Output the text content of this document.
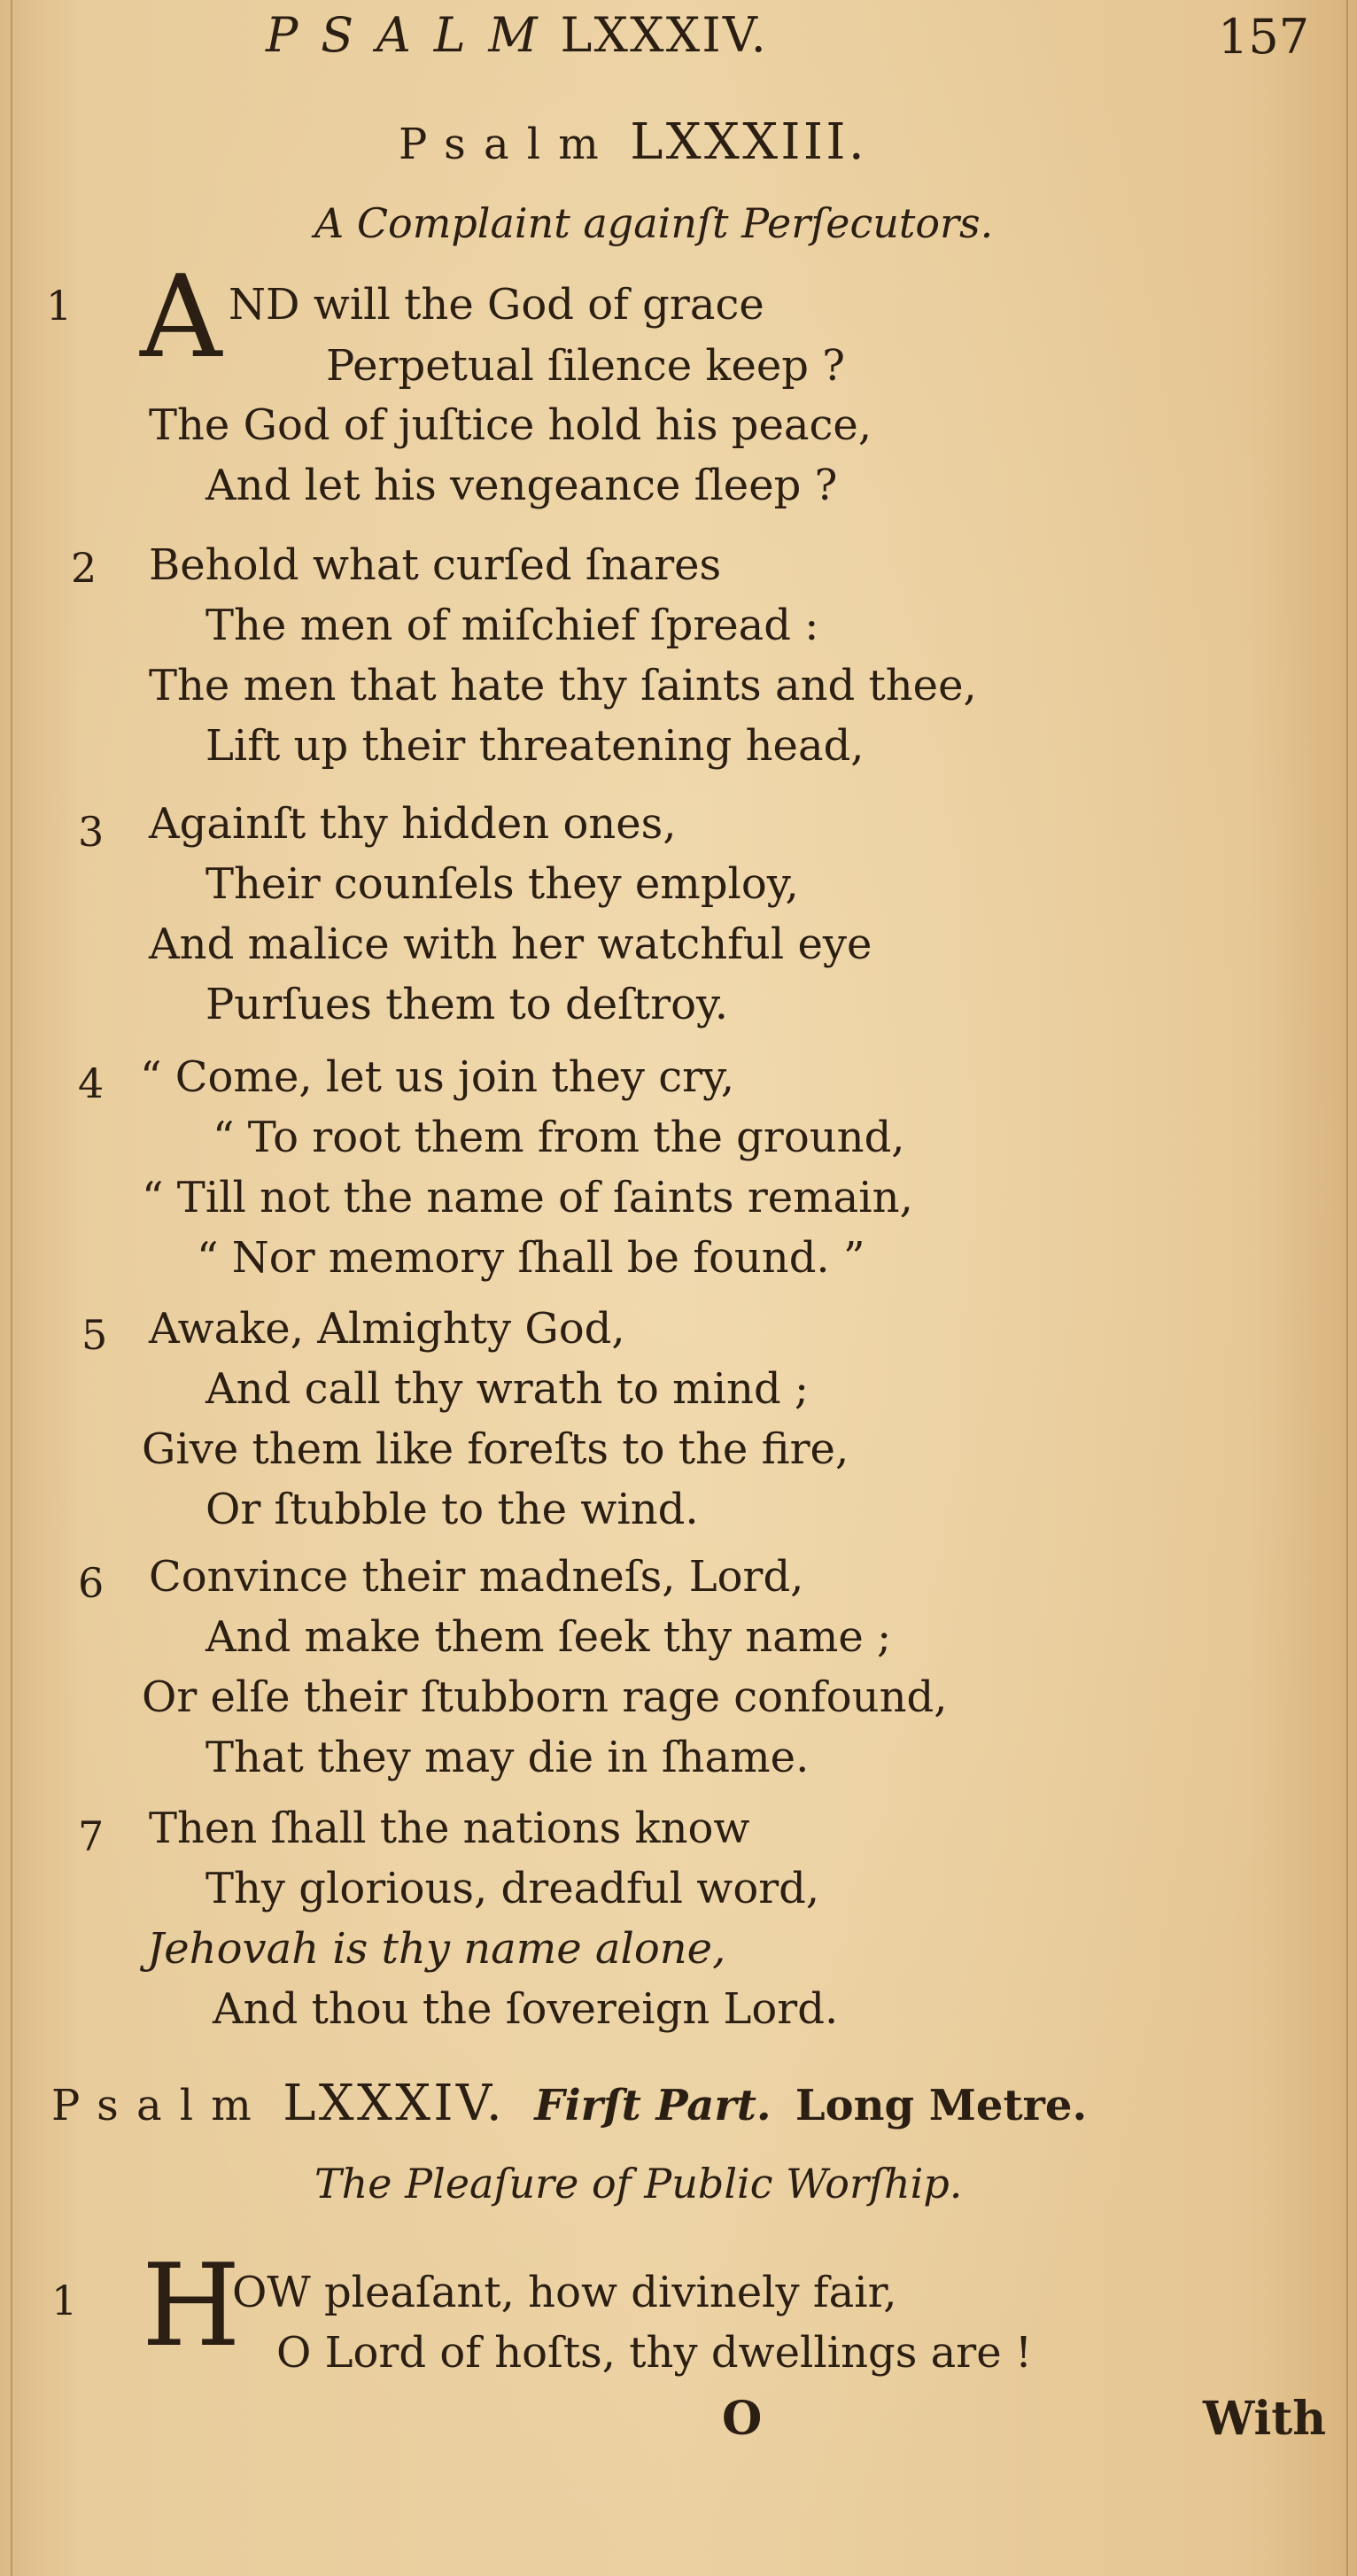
P S A L M LXXXIV.	157
Psalm LXXXIII.
A Complaint againſt Perſecutors.
1 A ND will the God of grace
Perpetual ſilence keep ?
The God of juſtice hold his peace,
And let his vengeance ſleep ?
2 Behold what curſed ſnares
The men of miſchief ſpread :
The men that hate thy ſaints and thee,
Lift up their threatening head,
3 Againſt thy hidden ones,
Their counſels they employ,
And malice with her watchful eye
Purſues them to deſtroy.
4 “ Come, let us join they cry,
“ To root them from the ground,
“ Till not the name of ſaints remain,
“ Nor memory ſhall be found. ”
5 Awake, Almighty God,
And call thy wrath to mind ;
Give them like foreſts to the fire,
Or ſtubble to the wind.
6 Convince their madneſs, Lord,
And make them ſeek thy name ;
Or elſe their ſtubborn rage confound,
That they may die in ſhame.
7 Then ſhall the nations know
Thy glorious, dreadful word,
Jehovah is thy name alone,
And thou the ſovereign Lord.
Psalm LXXXIV. Firſt Part. Long Metre.
The Pleaſure of Public Worſhip.
1 H
OW pleaſant, how divinely fair,
O Lord of hoſts, thy dwellings are !
O	With
